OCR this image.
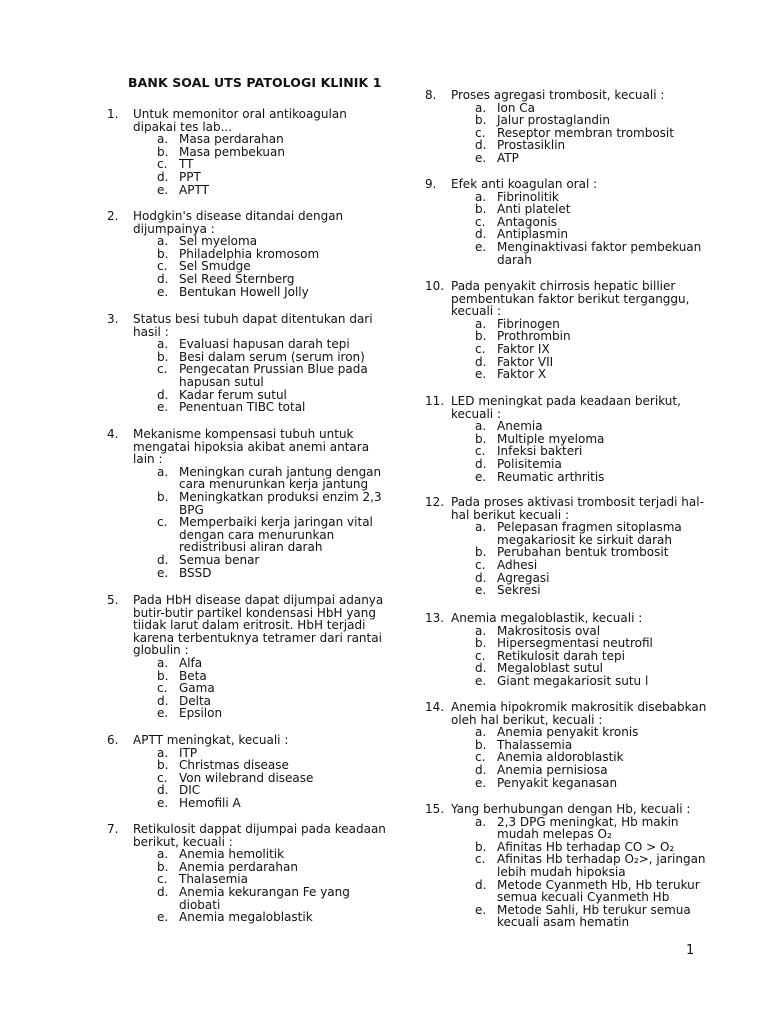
BANK SOAL UTS PATOLOGI KLINIK 1
1.	Untuk memonitor oral antikoagulan dipakai tes lab...
a. Masa perdarahan
b. Masa pembekuan
c. TT
d. PPT
e. APTT
2.	Hodgkin's disease ditandai dengan dijumpainya :
a. Sel myeloma
b. Philadelphia kromosom
c. Sel Smudge
d. Sel Reed Sternberg
e. Bentukan Howell Jolly
3.	Status besi tubuh dapat ditentukan dari hasil :
a. Evaluasi hapusan darah tepi
b. Besi dalam serum (serum iron)
c. Pengecatan Prussian Blue pada hapusan sutul
d. Kadar ferum sutul
e. Penentuan TIBC total
4.	Mekanisme kompensasi tubuh untuk mengatai hipoksia akibat anemi antara lain :
a. Meningkan curah jantung dengan cara menurunkan kerja jantung
b. Meningkatkan produksi enzim 2,3 BPG
c. Memperbaiki kerja jaringan vital dengan cara menurunkan redistribusi aliran darah
d. Semua benar
e. BSSD
5.	Pada HbH disease dapat dijumpai adanya butir-butir partikel kondensasi HbH yang tiidak larut dalam eritrosit. HbH terjadi karena terbentuknya tetramer dari rantai globulin :
a. Alfa
b. Beta
c. Gama
d. Delta
e. Epsilon
6.	APTT meningkat, kecuali :
a. ITP
b. Christmas disease
c. Von wilebrand disease
d. DIC
e. Hemofili A
7.	Retikulosit dappat dijumpai pada keadaan berikut, kecuali :
a. Anemia hemolitik
b. Anemia perdarahan
c. Thalasemia
d. Anemia kekurangan Fe yang diobati
e. Anemia megaloblastik
8.	Proses agregasi trombosit, kecuali :
a. Ion Ca
b. Jalur prostaglandin
c. Reseptor membran trombosit
d. Prostasiklin
e. ATP
9.	Efek anti koagulan oral :
a. Fibrinolitik
b. Anti platelet
c. Antagonis
d. Antiplasmin
e. Menginaktivasi faktor pembekuan darah
10. Pada penyakit chirrosis hepatic billier pembentukan faktor berikut terganggu, kecuali :
a. Fibrinogen
b. Prothrombin
c. Faktor IX
d. Faktor VII
e. Faktor X
11. LED meningkat pada keadaan berikut, kecuali :
a. Anemia
b. Multiple myeloma
c. Infeksi bakteri
d. Polisitemia
e. Reumatic arthritis
12. Pada proses aktivasi trombosit terjadi hal-hal berikut kecuali :
a. Pelepasan fragmen sitoplasma megakariosit ke sirkuit darah
b. Perubahan bentuk trombosit
c. Adhesi
d. Agregasi
e. Sekresi
13. Anemia megaloblastik, kecuali :
a. Makrositosis oval
b. Hipersegmentasi neutrofil
c. Retikulosit darah tepi
d. Megaloblast sutul
e. Giant megakariosit sutu l
14. Anemia hipokromik makrositik disebabkan oleh hal berikut, kecuali :
a. Anemia penyakit kronis
b. Thalassemia
c. Anemia aldoroblastik
d. Anemia pernisiosa
e. Penyakit keganasan
15. Yang berhubungan dengan Hb, kecuali :
a. 2,3 DPG meningkat, Hb makin mudah melepas O₂
b. Afinitas Hb terhadap CO > O₂
c. Afinitas Hb terhadap O₂>, jaringan lebih mudah hipoksia
d. Metode Cyanmeth Hb, Hb terukur semua kecuali Cyanmeth Hb
e. Metode Sahli, Hb terukur semua kecuali asam hematin
1
